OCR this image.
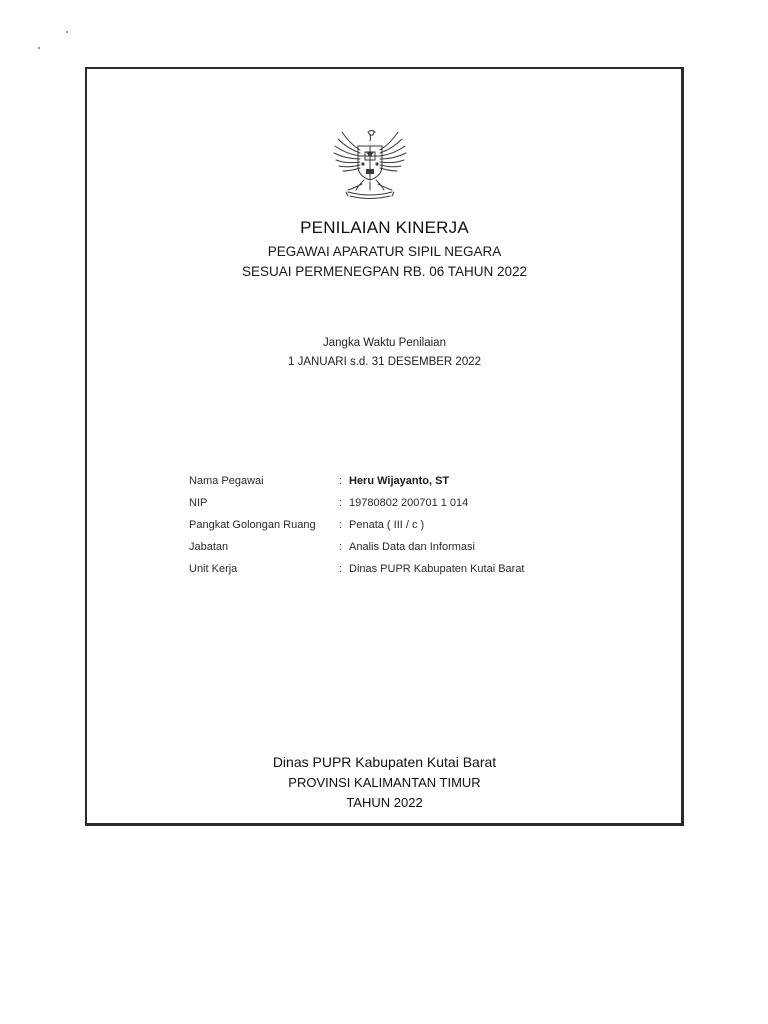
PENILAIAN KINERJA
PEGAWAI APARATUR SIPIL NEGARA
SESUAI PERMENEGPAN RB. 06 TAHUN 2022
Jangka Waktu Penilaian
1 JANUARI s.d. 31 DESEMBER 2022
Nama Pegawai	: Heru Wijayanto, ST
NIP	: 19780802 200701 1 014
Pangkat Golongan Ruang	: Penata ( III / c )
Jabatan	: Analis Data dan Informasi
Unit Kerja	: Dinas PUPR Kabupaten Kutai Barat
Dinas PUPR Kabupaten Kutai Barat
PROVINSI KALIMANTAN TIMUR
TAHUN 2022
